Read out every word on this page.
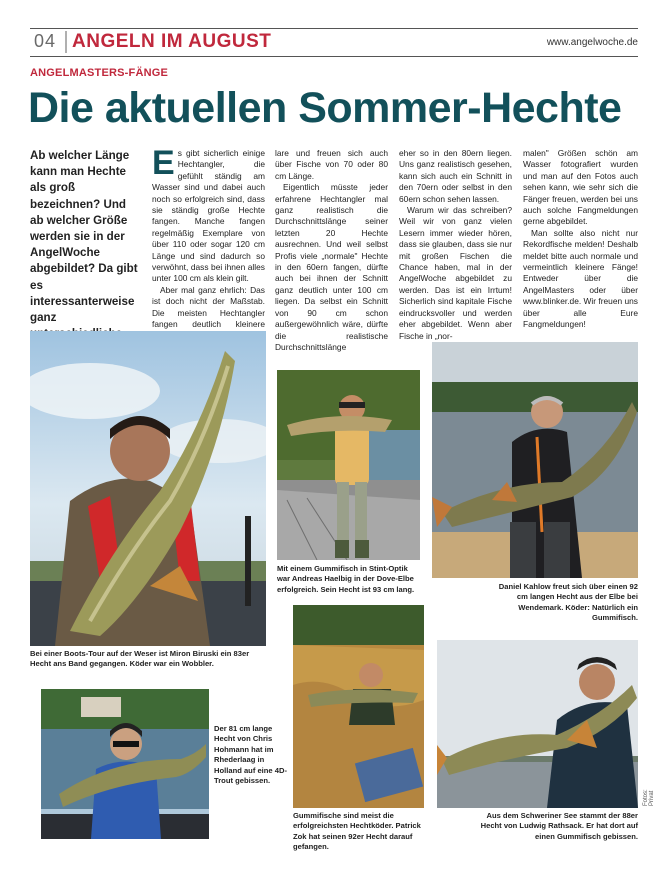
04 ANGELN IM AUGUST	www.angelwoche.de
ANGELMASTERS-FÄNGE
Die aktuellen Sommer-Hechte
Ab welcher Länge kann man Hechte als groß bezeichnen? Und ab welcher Größe werden sie in der AngelWoche abgebildet? Da gibt es interessanterweise ganz

Es gibt sicherlich einige Hechtangler, die gefühlt ständig am Wasser sind und dabei auch noch so erfolgreich sind, dass sie ständig große Hechte fangen. Manche fangen regelmäßig Exemplare von über 110 oder sogar 120 cm Länge und sind dadurch so verwöhnt, dass bei ihnen alles unter 100 cm als klein gilt.

Aber mal ganz ehrlich: Das ist doch nicht der Maßstab. Die meisten Hechtangler fangen deutlich kleinere

lare und freuen sich auch über Fische von 70 oder 80 cm Länge.

Eigentlich müsste jeder erfahrene Hechtangler mal ganz realistisch die Durchschnittslänge seiner letzten 20 Hechte ausrechnen. Und weil selbst Profis viele „normale" Hechte in den 60ern fangen, dürfte auch bei ihnen der Schnitt ganz deutlich unter 100 cm liegen. Da selbst ein Schnitt von 90 cm schon außergewöhnlich wäre, dürfte die realistische Durchschnittslänge

eher so in den 80ern liegen. Uns ganz realistisch gesehen, kann sich auch ein Schnitt in den 70ern oder selbst in den 60ern schon sehen lassen.

Warum wir das schreiben? Weil wir von ganz vielen Lesern immer wieder hören, dass sie glauben, dass sie nur mit großen Fischen die Chance haben, mal in der AngelWoche abgebildet zu werden. Das ist ein Irrtum! Sicherlich sind kapitale Fische eindrucksvoller und werden eher abgebildet. Wenn aber Fische in „nor-

malen" Größen schön am Wasser fotografiert wurden und man auf den Fotos auch sehen kann, wie sehr sich die Fänger freuen, werden bei uns auch solche Fangmeldungen gerne abgebildet.

Man sollte also nicht nur Rekordfische melden! Deshalb meldet bitte auch normale und vermeintlich kleinere Fänge! Entweder über die AngelMasters oder über www.blinker.de. Wir freuen uns über alle Eure Fangmeldungen!

Bei einer Boots-Tour auf der Weser ist Miron Biruski ein 83er Hecht ans Band gegangen. Köder war ein Wobbler.
Mit einem Gummifisch in Stint-Optik war Andreas Haelbig in der Dove-Elbe erfolgreich. Sein Hecht ist 93 cm lang.	Daniel Kahlow freut sich über einen 92 cm langen Hecht aus der Elbe bei Wendemark. Köder: Natürlich ein Gummifisch.
Der 81 cm lange Hecht von Chris Hohmann hat im Rhederlaag in Holland auf eine 4D-Trout gebissen.
Gummifische sind meist die erfolgreichsten Hechtköder. Patrick Zok hat seinen 92er Hecht darauf gefangen.
Aus dem Schweriner See stammt der 88er Hecht von Ludwig Rathsack. Er hat dort auf einen Gummifisch gebissen.
Fotos: Privat
